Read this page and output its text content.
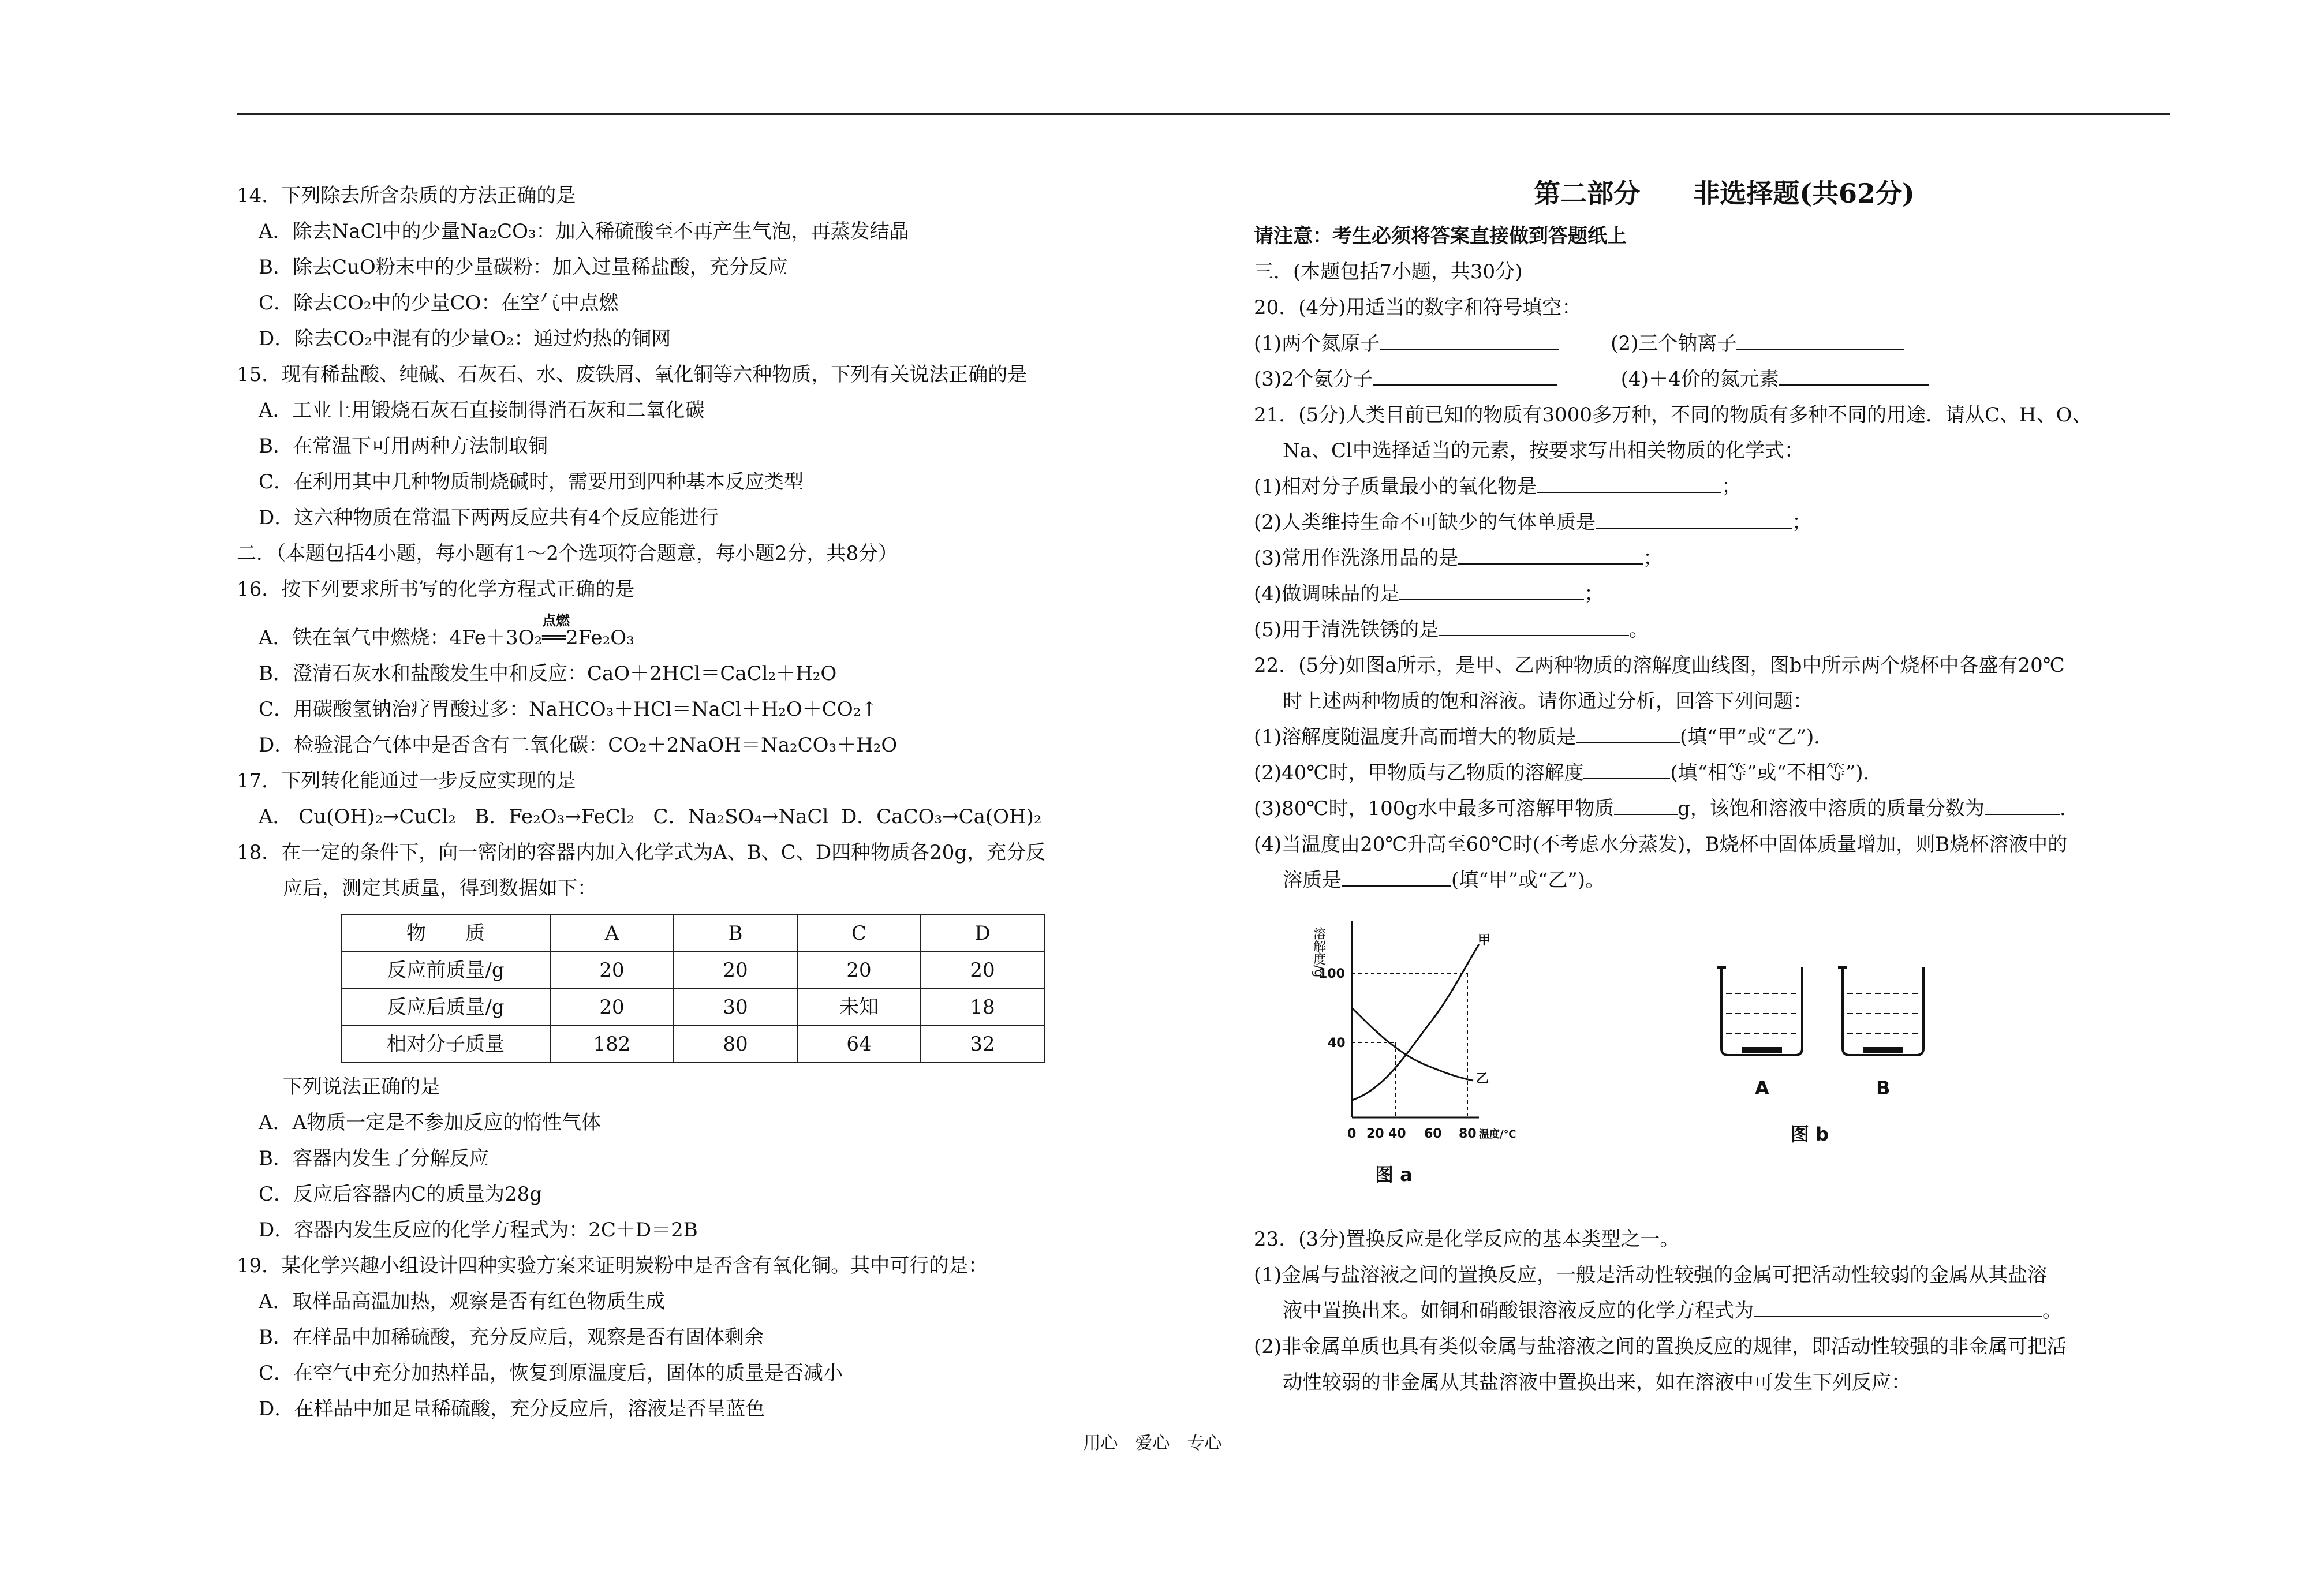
14．下列除去所含杂质的方法正确的是

A．除去NaCl中的少量Na₂CO₃：加入稀硫酸至不再产生气泡，再蒸发结晶

B．除去CuO粉末中的少量碳粉：加入过量稀盐酸，充分反应

C．除去CO₂中的少量CO：在空气中点燃

D．除去CO₂中混有的少量O₂：通过灼热的铜网

15．现有稀盐酸、纯碱、石灰石、水、废铁屑、氧化铜等六种物质，下列有关说法正确的是

A．工业上用锻烧石灰石直接制得消石灰和二氧化碳

B．在常温下可用两种方法制取铜

C．在利用其中几种物质制烧碱时，需要用到四种基本反应类型

D．这六种物质在常温下两两反应共有4个反应能进行

二．（本题包括4小题，每小题有1～2个选项符合题意，每小题2分，共8分）

16．按下列要求所书写的化学方程式正确的是

A．铁在氧气中燃烧：4Fe＋3O₂
点燃
══2Fe₂O₃

B．澄清石灰水和盐酸发生中和反应：CaO＋2HCl＝CaCl₂＋H₂O

C．用碳酸氢钠治疗胃酸过多：NaHCO₃＋HCl＝NaCl＋H₂O＋CO₂↑

D．检验混合气体中是否含有二氧化碳：CO₂＋2NaOH＝Na₂CO₃＋H₂O

17．下列转化能通过一步反应实现的是

A． Cu(OH)₂→CuCl₂   B．Fe₂O₃→FeCl₂   C．Na₂SO₄→NaCl  D．CaCO₃→Ca(OH)₂

18．在一定的条件下，向一密闭的容器内加入化学式为A、B、C、D四种物质各20g，充分反

应后，测定其质量，得到数据如下：

物　　质	A	B	C	D
反应前质量/g	20	20	20	20
反应后质量/g	20	30	未知	18
相对分子质量	182	80	64	32

下列说法正确的是

A．A物质一定是不参加反应的惰性气体

B．容器内发生了分解反应

C．反应后容器内C的质量为28g

D．容器内发生反应的化学方程式为：2C＋D＝2B

19．某化学兴趣小组设计四种实验方案来证明炭粉中是否含有氧化铜。其中可行的是：

A．取样品高温加热，观察是否有红色物质生成

B．在样品中加稀硫酸，充分反应后，观察是否有固体剩余

C．在空气中充分加热样品，恢复到原温度后，固体的质量是否减小

D．在样品中加足量稀硫酸，充分反应后，溶液是否呈蓝色

第二部分　　非选择题(共62分)

请注意：考生必须将答案直接做到答题纸上

三．(本题包括7小题，共30分)

20．(4分)用适当的数字和符号填空：

(1)两个氮原子	(2)三个钠离子

(3)2个氨分子	(4)＋4价的氮元素

21．(5分)人类目前已知的物质有3000多万种，不同的物质有多种不同的用途．请从C、H、O、

Na、Cl中选择适当的元素，按要求写出相关物质的化学式：

(1)相对分子质量最小的氧化物是	；

(2)人类维持生命不可缺少的气体单质是	；

(3)常用作洗涤用品的是	；

(4)做调味品的是	；

(5)用于清洗铁锈的是	。

22．(5分)如图a所示，是甲、乙两种物质的溶解度曲线图，图b中所示两个烧杯中各盛有20℃

时上述两种物质的饱和溶液。请你通过分析，回答下列问题：

(1)溶解度随温度升高而增大的物质是	(填“甲”或“乙”)．

(2)40℃时，甲物质与乙物质的溶解度	(填“相等”或“不相等”)．

(3)80℃时，100g水中最多可溶解甲物质	g，该饱和溶液中溶质的质量分数为	.

(4)当温度由20℃升高至60℃时(不考虑水分蒸发)，B烧杯中固体质量增加，则B烧杯溶液中的

溶质是	(填“甲”或“乙”)。

溶解度/g
100
40
0 20 40 60 80 温度/℃
甲
乙
图 a
A	B
图 b

23．(3分)置换反应是化学反应的基本类型之一。

(1)金属与盐溶液之间的置换反应，一般是活动性较强的金属可把活动性较弱的金属从其盐溶

液中置换出来。如铜和硝酸银溶液反应的化学方程式为	。

(2)非金属单质也具有类似金属与盐溶液之间的置换反应的规律，即活动性较强的非金属可把活

动性较弱的非金属从其盐溶液中置换出来，如在溶液中可发生下列反应：

用心　爱心　专心
